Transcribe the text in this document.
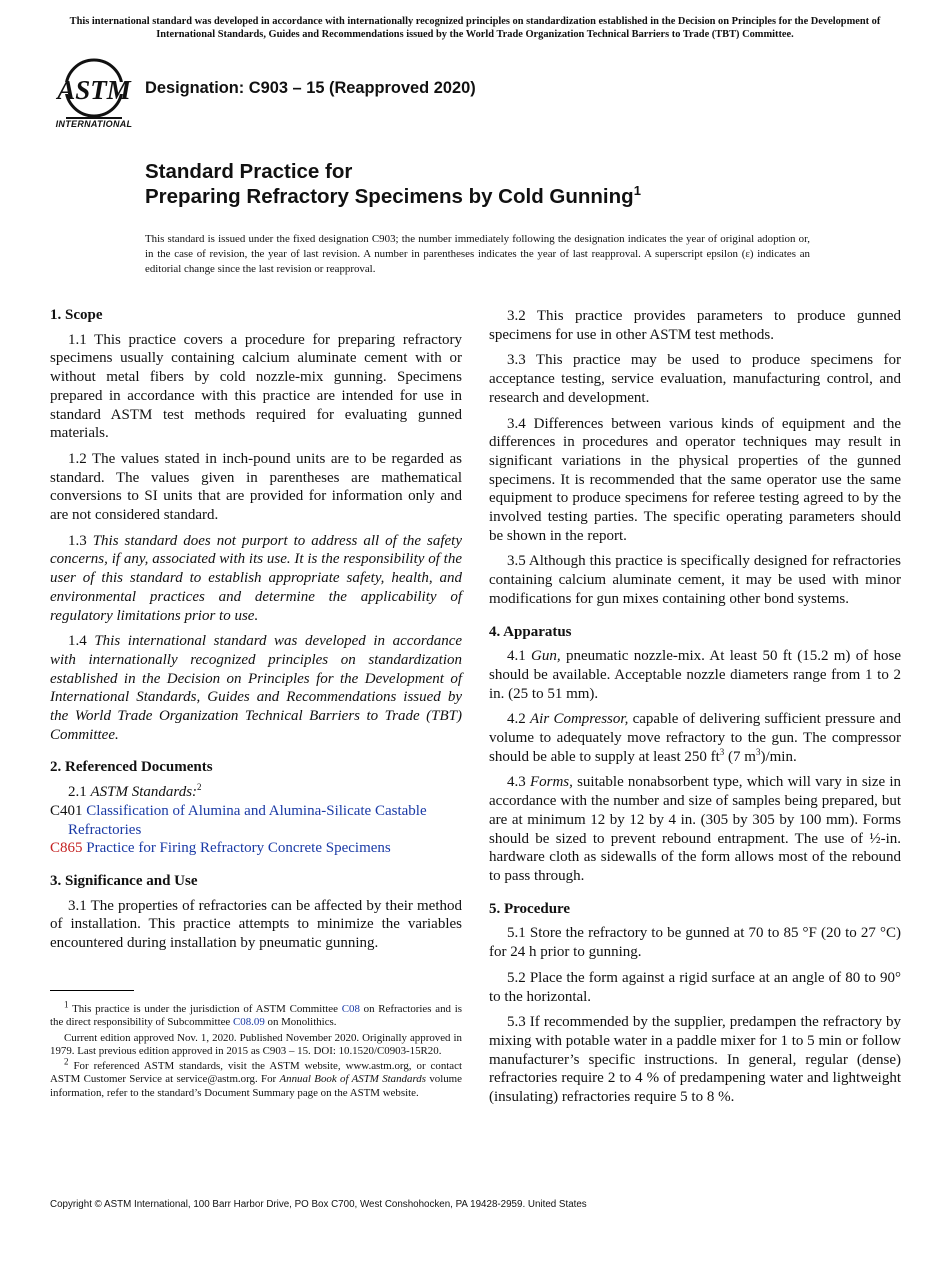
This international standard was developed in accordance with internationally recognized principles on standardization established in the Decision on Principles for the Development of International Standards, Guides and Recommendations issued by the World Trade Organization Technical Barriers to Trade (TBT) Committee.
ASTM
INTERNATIONAL
Designation: C903 – 15 (Reapproved 2020)
Standard Practice for
Preparing Refractory Specimens by Cold Gunning$^1$
This standard is issued under the fixed designation C903; the number immediately following the designation indicates the year of original adoption or, in the case of revision, the year of last revision. A number in parentheses indicates the year of last reapproval. A superscript epsilon (ε) indicates an editorial change since the last revision or reapproval.
1. Scope

1.1 This practice covers a procedure for preparing refractory specimens usually containing calcium aluminate cement with or without metal fibers by cold nozzle-mix gunning. Specimens prepared in accordance with this practice are intended for use in standard ASTM test methods required for evaluating gunned materials.

1.2 The values stated in inch-pound units are to be regarded as standard. The values given in parentheses are mathematical conversions to SI units that are provided for information only and are not considered standard.

1.3 This standard does not purport to address all of the safety concerns, if any, associated with its use. It is the responsibility of the user of this standard to establish appropriate safety, health, and environmental practices and determine the applicability of regulatory limitations prior to use.

1.4 This international standard was developed in accordance with internationally recognized principles on standardization established in the Decision on Principles for the Development of International Standards, Guides and Recommendations issued by the World Trade Organization Technical Barriers to Trade (TBT) Committee.

2. Referenced Documents

2.1 ASTM Standards:$^2$

C401 Classification of Alumina and Alumina-Silicate Castable Refractories
C865 Practice for Firing Refractory Concrete Specimens
3. Significance and Use

3.1 The properties of refractories can be affected by their method of installation. This practice attempts to minimize the variables encountered during installation by pneumatic gunning.

3.2 This practice provides parameters to produce gunned specimens for use in other ASTM test methods.

3.3 This practice may be used to produce specimens for acceptance testing, service evaluation, manufacturing control, and research and development.

3.4 Differences between various kinds of equipment and the differences in procedures and operator techniques may result in significant variations in the physical properties of the gunned specimens. It is recommended that the same operator use the same equipment to produce specimens for referee testing agreed to by the involved testing parties. The specific operating parameters should be shown in the report.

3.5 Although this practice is specifically designed for refractories containing calcium aluminate cement, it may be used with minor modifications for gun mixes containing other bond systems.

4. Apparatus

4.1 Gun, pneumatic nozzle-mix. At least 50 ft (15.2 m) of hose should be available. Acceptable nozzle diameters range from 1 to 2 in. (25 to 51 mm).

4.2 Air Compressor, capable of delivering sufficient pressure and volume to adequately move refractory to the gun. The compressor should be able to supply at least 250 $ft^3$ (7 $m^3)/\min$.

4.3 Forms, suitable nonabsorbent type, which will vary in size in accordance with the number and size of samples being prepared, but are at minimum 12 by 12 by 4 in. (305 by 305 by 100 mm). Forms should be sized to prevent rebound entrapment. The use of ½-in. hardware cloth as sidewalls of the form allows most of the rebound to pass through.

5. Procedure

5.1 Store the refractory to be gunned at 70 to 85 °F (20 to 27 °C) for 24 h prior to gunning.

5.2 Place the form against a rigid surface at an angle of 80 to 90° to the horizontal.

5.3 If recommended by the supplier, predampen the refractory by mixing with potable water in a paddle mixer for 1 to 5 min or follow manufacturer’s specific instructions. In general, regular (dense) refractories require 2 to 4 % of predampening water and lightweight (insulating) refractories require 5 to 8 %.

$^1$ This practice is under the jurisdiction of ASTM Committee C08 on Refractories and is the direct responsibility of Subcommittee C08.09 on Monolithics.

Current edition approved Nov. 1, 2020. Published November 2020. Originally approved in 1979. Last previous edition approved in 2015 as C903 – 15. DOI: 10.1520/C0903-15R20.

$^2$ For referenced ASTM standards, visit the ASTM website, www.astm.org, or contact ASTM Customer Service at service@astm.org. For Annual Book of ASTM Standards volume information, refer to the standard’s Document Summary page on the ASTM website.

Copyright © ASTM International, 100 Barr Harbor Drive, PO Box C700, West Conshohocken, PA 19428-2959. United States
